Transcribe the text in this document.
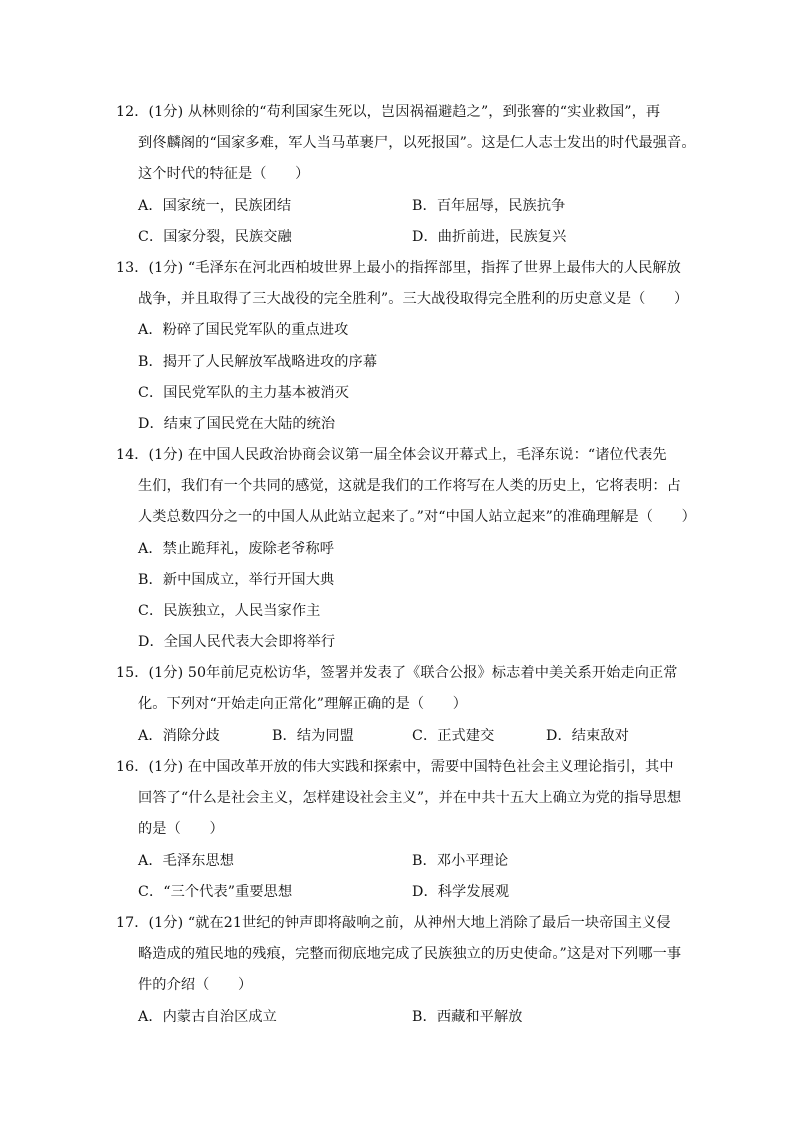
12．(1分) 从林则徐的“苟利国家生死以，岂因祸福避趋之”，到张謇的“实业救国”，再
到佟麟阁的“国家多难，军人当马革裹尸，以死报国”。这是仁人志士发出的时代最强音。
这个时代的特征是（　　）
A．国家统一，民族团结	B．百年屈辱，民族抗争
C．国家分裂，民族交融	D．曲折前进，民族复兴
13．(1分) “毛泽东在河北西柏坡世界上最小的指挥部里，指挥了世界上最伟大的人民解放
战争，并且取得了三大战役的完全胜利”。三大战役取得完全胜利的历史意义是（　　）
A．粉碎了国民党军队的重点进攻
B．揭开了人民解放军战略进攻的序幕
C．国民党军队的主力基本被消灭
D．结束了国民党在大陆的统治
14．(1分) 在中国人民政治协商会议第一届全体会议开幕式上，毛泽东说：“诸位代表先
生们，我们有一个共同的感觉，这就是我们的工作将写在人类的历史上，它将表明：占
人类总数四分之一的中国人从此站立起来了。”对“中国人站立起来”的准确理解是（　　）
A．禁止跪拜礼，废除老爷称呼
B．新中国成立，举行开国大典
C．民族独立，人民当家作主
D．全国人民代表大会即将举行
15．(1分) 50年前尼克松访华，签署并发表了《联合公报》标志着中美关系开始走向正常
化。下列对“开始走向正常化”理解正确的是（　　）
A．消除分歧	B．结为同盟	C．正式建交	D．结束敌对
16．(1分) 在中国改革开放的伟大实践和探索中，需要中国特色社会主义理论指引，其中
回答了“什么是社会主义，怎样建设社会主义”，并在中共十五大上确立为党的指导思想
的是（　　）
A．毛泽东思想	B．邓小平理论
C．“三个代表”重要思想	D．科学发展观
17．(1分) “就在21世纪的钟声即将敲响之前，从神州大地上消除了最后一块帝国主义侵
略造成的殖民地的残痕，完整而彻底地完成了民族独立的历史使命。”这是对下列哪一事
件的介绍（　　）
A．内蒙古自治区成立	B．西藏和平解放
